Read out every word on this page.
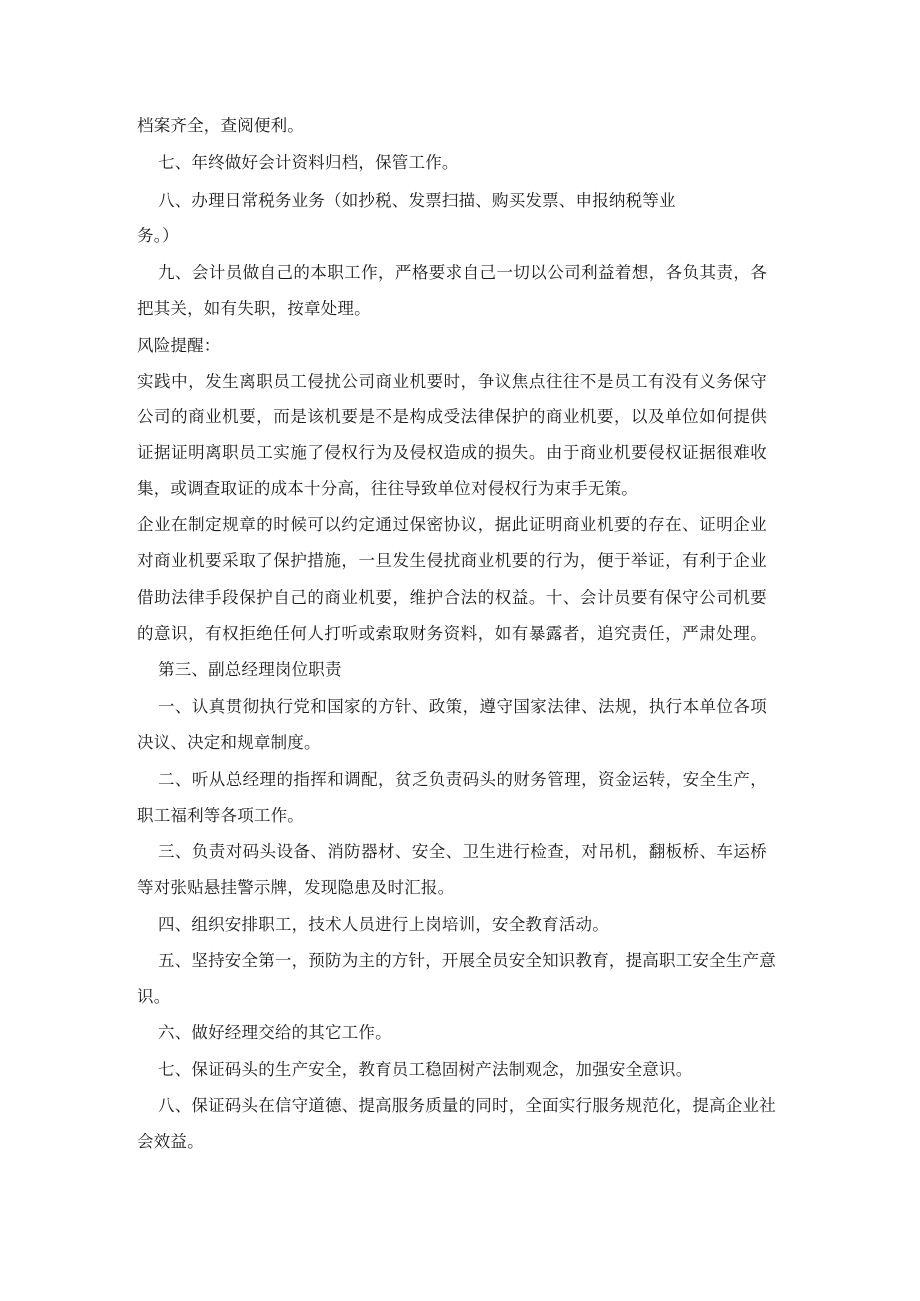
档案齐全，查阅便利。

七、年终做好会计资料归档，保管工作。

八、办理日常税务业务（如抄税、发票扫描、购买发票、申报纳税等业

务。）

九、会计员做自己的本职工作，严格要求自己一切以公司利益着想，各负其责，各

把其关，如有失职，按章处理。

风险提醒：

实践中，发生离职员工侵扰公司商业机要时，争议焦点往往不是员工有没有义务保守

公司的商业机要，而是该机要是不是构成受法律保护的商业机要，以及单位如何提供

证据证明离职员工实施了侵权行为及侵权造成的损失。由于商业机要侵权证据很难收

集，或调查取证的成本十分高，往往导致单位对侵权行为束手无策。

企业在制定规章的时候可以约定通过保密协议，据此证明商业机要的存在、证明企业

对商业机要采取了保护措施，一旦发生侵扰商业机要的行为，便于举证，有利于企业

借助法律手段保护自己的商业机要，维护合法的权益。十、会计员要有保守公司机要

的意识，有权拒绝任何人打听或索取财务资料，如有暴露者，追究责任，严肃处理。

第三、副总经理岗位职责

一、认真贯彻执行党和国家的方针、政策，遵守国家法律、法规，执行本单位各项

决议、决定和规章制度。

二、听从总经理的指挥和调配，贫乏负责码头的财务管理，资金运转，安全生产，

职工福利等各项工作。

三、负责对码头设备、消防器材、安全、卫生进行检查，对吊机，翻板桥、车运桥

等对张贴悬挂警示牌，发现隐患及时汇报。

四、组织安排职工，技术人员进行上岗培训，安全教育活动。

五、坚持安全第一，预防为主的方针，开展全员安全知识教育，提高职工安全生产意

识。

六、做好经理交给的其它工作。

七、保证码头的生产安全，教育员工稳固树产法制观念，加强安全意识。

八、保证码头在信守道德、提高服务质量的同时，全面实行服务规范化，提高企业社

会效益。
